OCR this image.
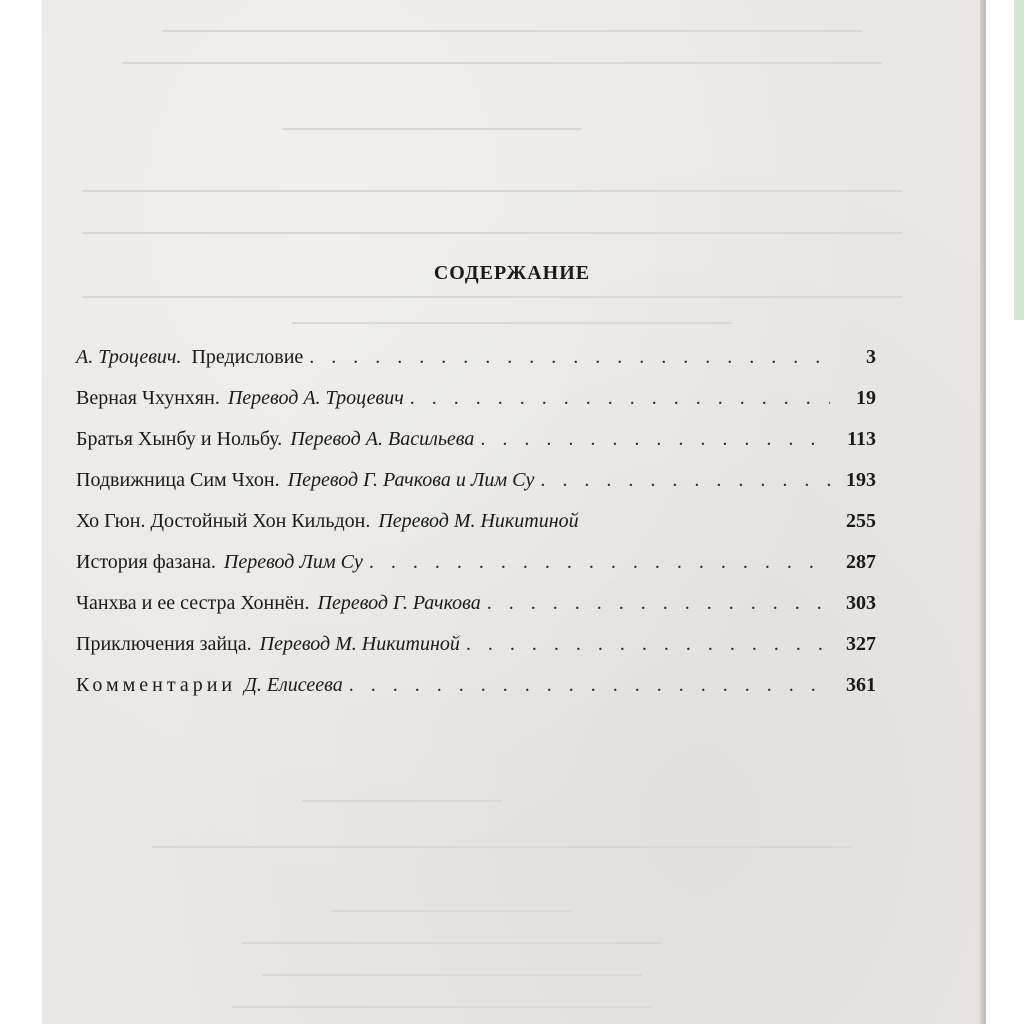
СОДЕРЖАНИЕ
А. Троцевич. Предисловие . . .	3
Верная Чхунхян. Перевод А. Троцевич . . .	19
Братья Хынбу и Нольбу. Перевод А. Васильева . . .	113
Подвижница Сим Чхон. Перевод Г. Рачкова и Лим Су . . .	193
Хо Гюн. Достойный Хон Кильдон. Перевод М. Никитиной	255
История фазана. Перевод Лим Су . . .	287
Чанхва и ее сестра Хоннён. Перевод Г. Рачкова . . .	303
Приключения зайца. Перевод М. Никитиной . . .	327
Комментарии Д. Елисеева . . .	361
